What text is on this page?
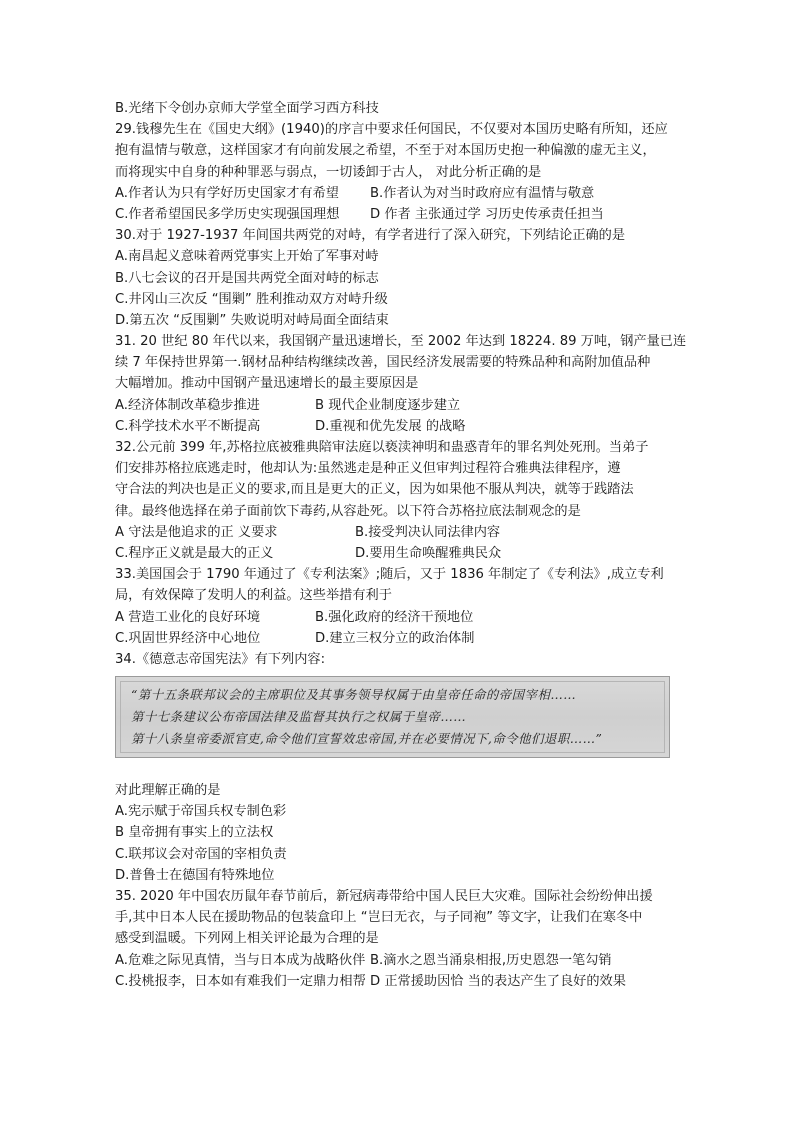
B.光绪下令创办京师大学堂全面学习西方科技
29.钱穆先生在《国史大纲》(1940)的序言中要求任何国民，不仅要对本国历史略有所知，还应
抱有温情与敬意，这样国家才有向前发展之希望，不至于对本国历史抱一种偏激的虚无主义，
而将现实中自身的种种罪恶与弱点，一切诿卸于古人， 对此分析正确的是
A.作者认为只有学好历史国家才有希望	B.作者认为对当时政府应有温情与敬意
C.作者希望国民多学历史实现强国理想	D 作者 主张通过学 习历史传承责任担当
30.对于 1927-1937 年间国共两党的对峙，有学者进行了深入研究，下列结论正确的是
A.南昌起义意味着两党事实上开始了军事对峙
B.八七会议的召开是国共两党全面对峙的标志
C.井冈山三次反 “围剿” 胜利推动双方对峙升级
D.第五次 “反围剿” 失败说明对峙局面全面结束
31. 20 世纪 80 年代以来，我国钢产量迅速增长，至 2002 年达到 18224. 89 万吨，钢产量已连
续 7 年保持世界第一.钢材品种结构继续改善，国民经济发展需要的特殊品种和高附加值品种
大幅增加。推动中国钢产量迅速增长的最主要原因是
A.经济体制改革稳步推进	B 现代企业制度逐步建立
C.科学技术水平不断提高	D.重视和优先发展 的战略
32.公元前 399 年,苏格拉底被雅典陪审法庭以亵渎神明和蛊惑青年的罪名判处死刑。当弟子
们安排苏格拉底逃走时，他却认为:虽然逃走是种正义但审判过程符合雅典法律程序，遵
守合法的判决也是正义的要求,而且是更大的正义，因为如果他不服从判决，就等于践踏法
律。最终他选择在弟子面前饮下毒药,从容赴死。以下符合苏格拉底法制观念的是
A 守法是他追求的正 义要求	B.接受判决认同法律内容
C.程序正义就是最大的正义	D.要用生命唤醒雅典民众
33.美国国会于 1790 年通过了《专利法案》;随后，又于 1836 年制定了《专利法》,成立专利
局，有效保障了发明人的利益。这些举措有利于
A 营造工业化的良好环境	B.强化政府的经济干预地位
C.巩固世界经济中心地位	D.建立三权分立的政治体制
34.《德意志帝国宪法》有下列内容:
“第十五条联邦议会的主席职位及其事务领导权属于由皇帝任命的帝国宰相……
第十七条建议公布帝国法律及监督其执行之权属于皇帝……
第十八条皇帝委派官吏,命令他们宣誓效忠帝国,并在必要情况下,命令他们退职……”
对此理解正确的是
A.宪示赋于帝国兵权专制色彩
B 皇帝拥有事实上的立法权
C.联邦议会对帝国的宰相负责
D.普鲁士在德国有特殊地位
35. 2020 年中国农历鼠年春节前后，新冠病毒带给中国人民巨大灾难。国际社会纷纷伸出援
手,其中日本人民在援助物品的包装盒印上 “岂曰无衣，与子同袍” 等文字，让我们在寒冬中
感受到温暖。下列网上相关评论最为合理的是
A.危难之际见真情，当与日本成为战略伙伴 B.滴水之恩当涌泉相报,历史恩怨一笔勾销
C.投桃报李，日本如有难我们一定鼎力相帮 D 正常援助因恰 当的表达产生了良好的效果
